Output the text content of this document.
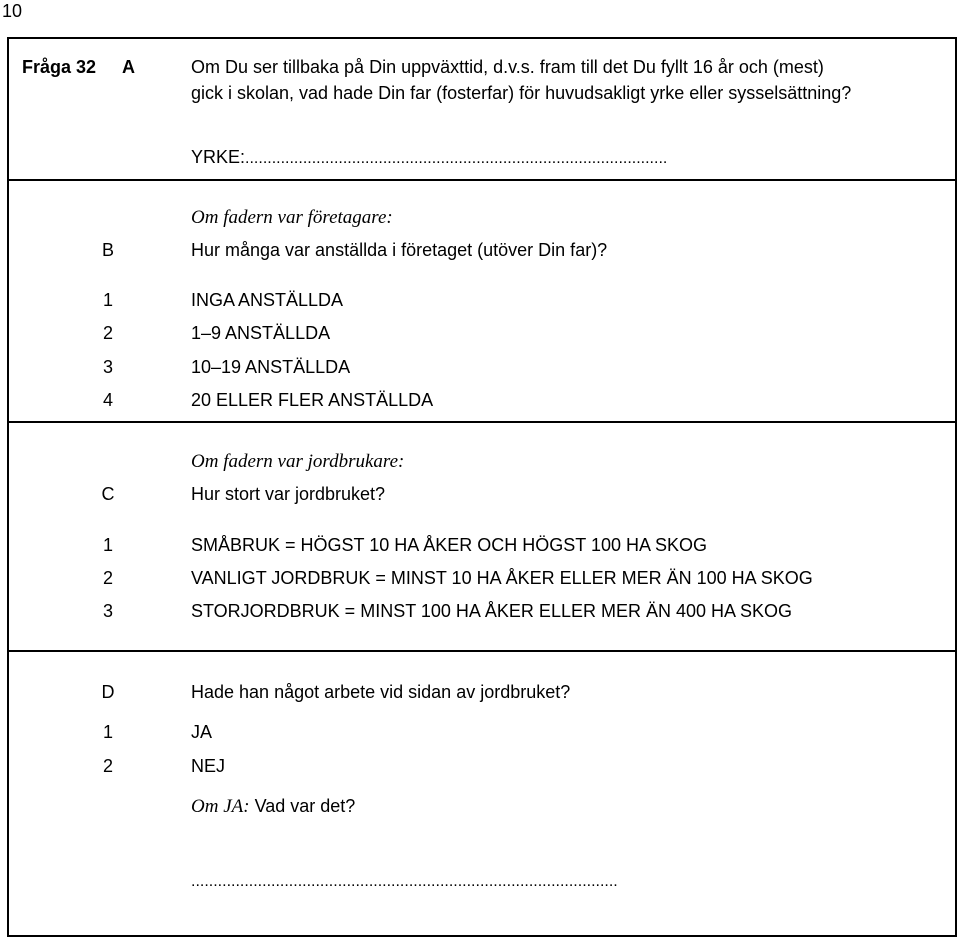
10
Fråga 32 A	Om Du ser tillbaka på Din uppväxttid, d.v.s. fram till det Du fyllt 16 år och (mest)
gick i skolan, vad hade Din far (fosterfar) för huvudsakligt yrke eller sysselsättning?
YRKE:...............................................................................................
Om fadern var företagare:
B	Hur många var anställda i företaget (utöver Din far)?
1	INGA ANSTÄLLDA
2	1–9 ANSTÄLLDA
3	10–19 ANSTÄLLDA
4	20 ELLER FLER ANSTÄLLDA
Om fadern var jordbrukare:
C	Hur stort var jordbruket?
1	SMÅBRUK = HÖGST 10 HA ÅKER OCH HÖGST 100 HA SKOG
2	VANLIGT JORDBRUK = MINST 10 HA ÅKER ELLER MER ÄN 100 HA SKOG
3	STORJORDBRUK = MINST 100 HA ÅKER ELLER MER ÄN 400 HA SKOG
D	Hade han något arbete vid sidan av jordbruket?
1	JA
2	NEJ
Om JA: Vad var det?
................................................................................................
